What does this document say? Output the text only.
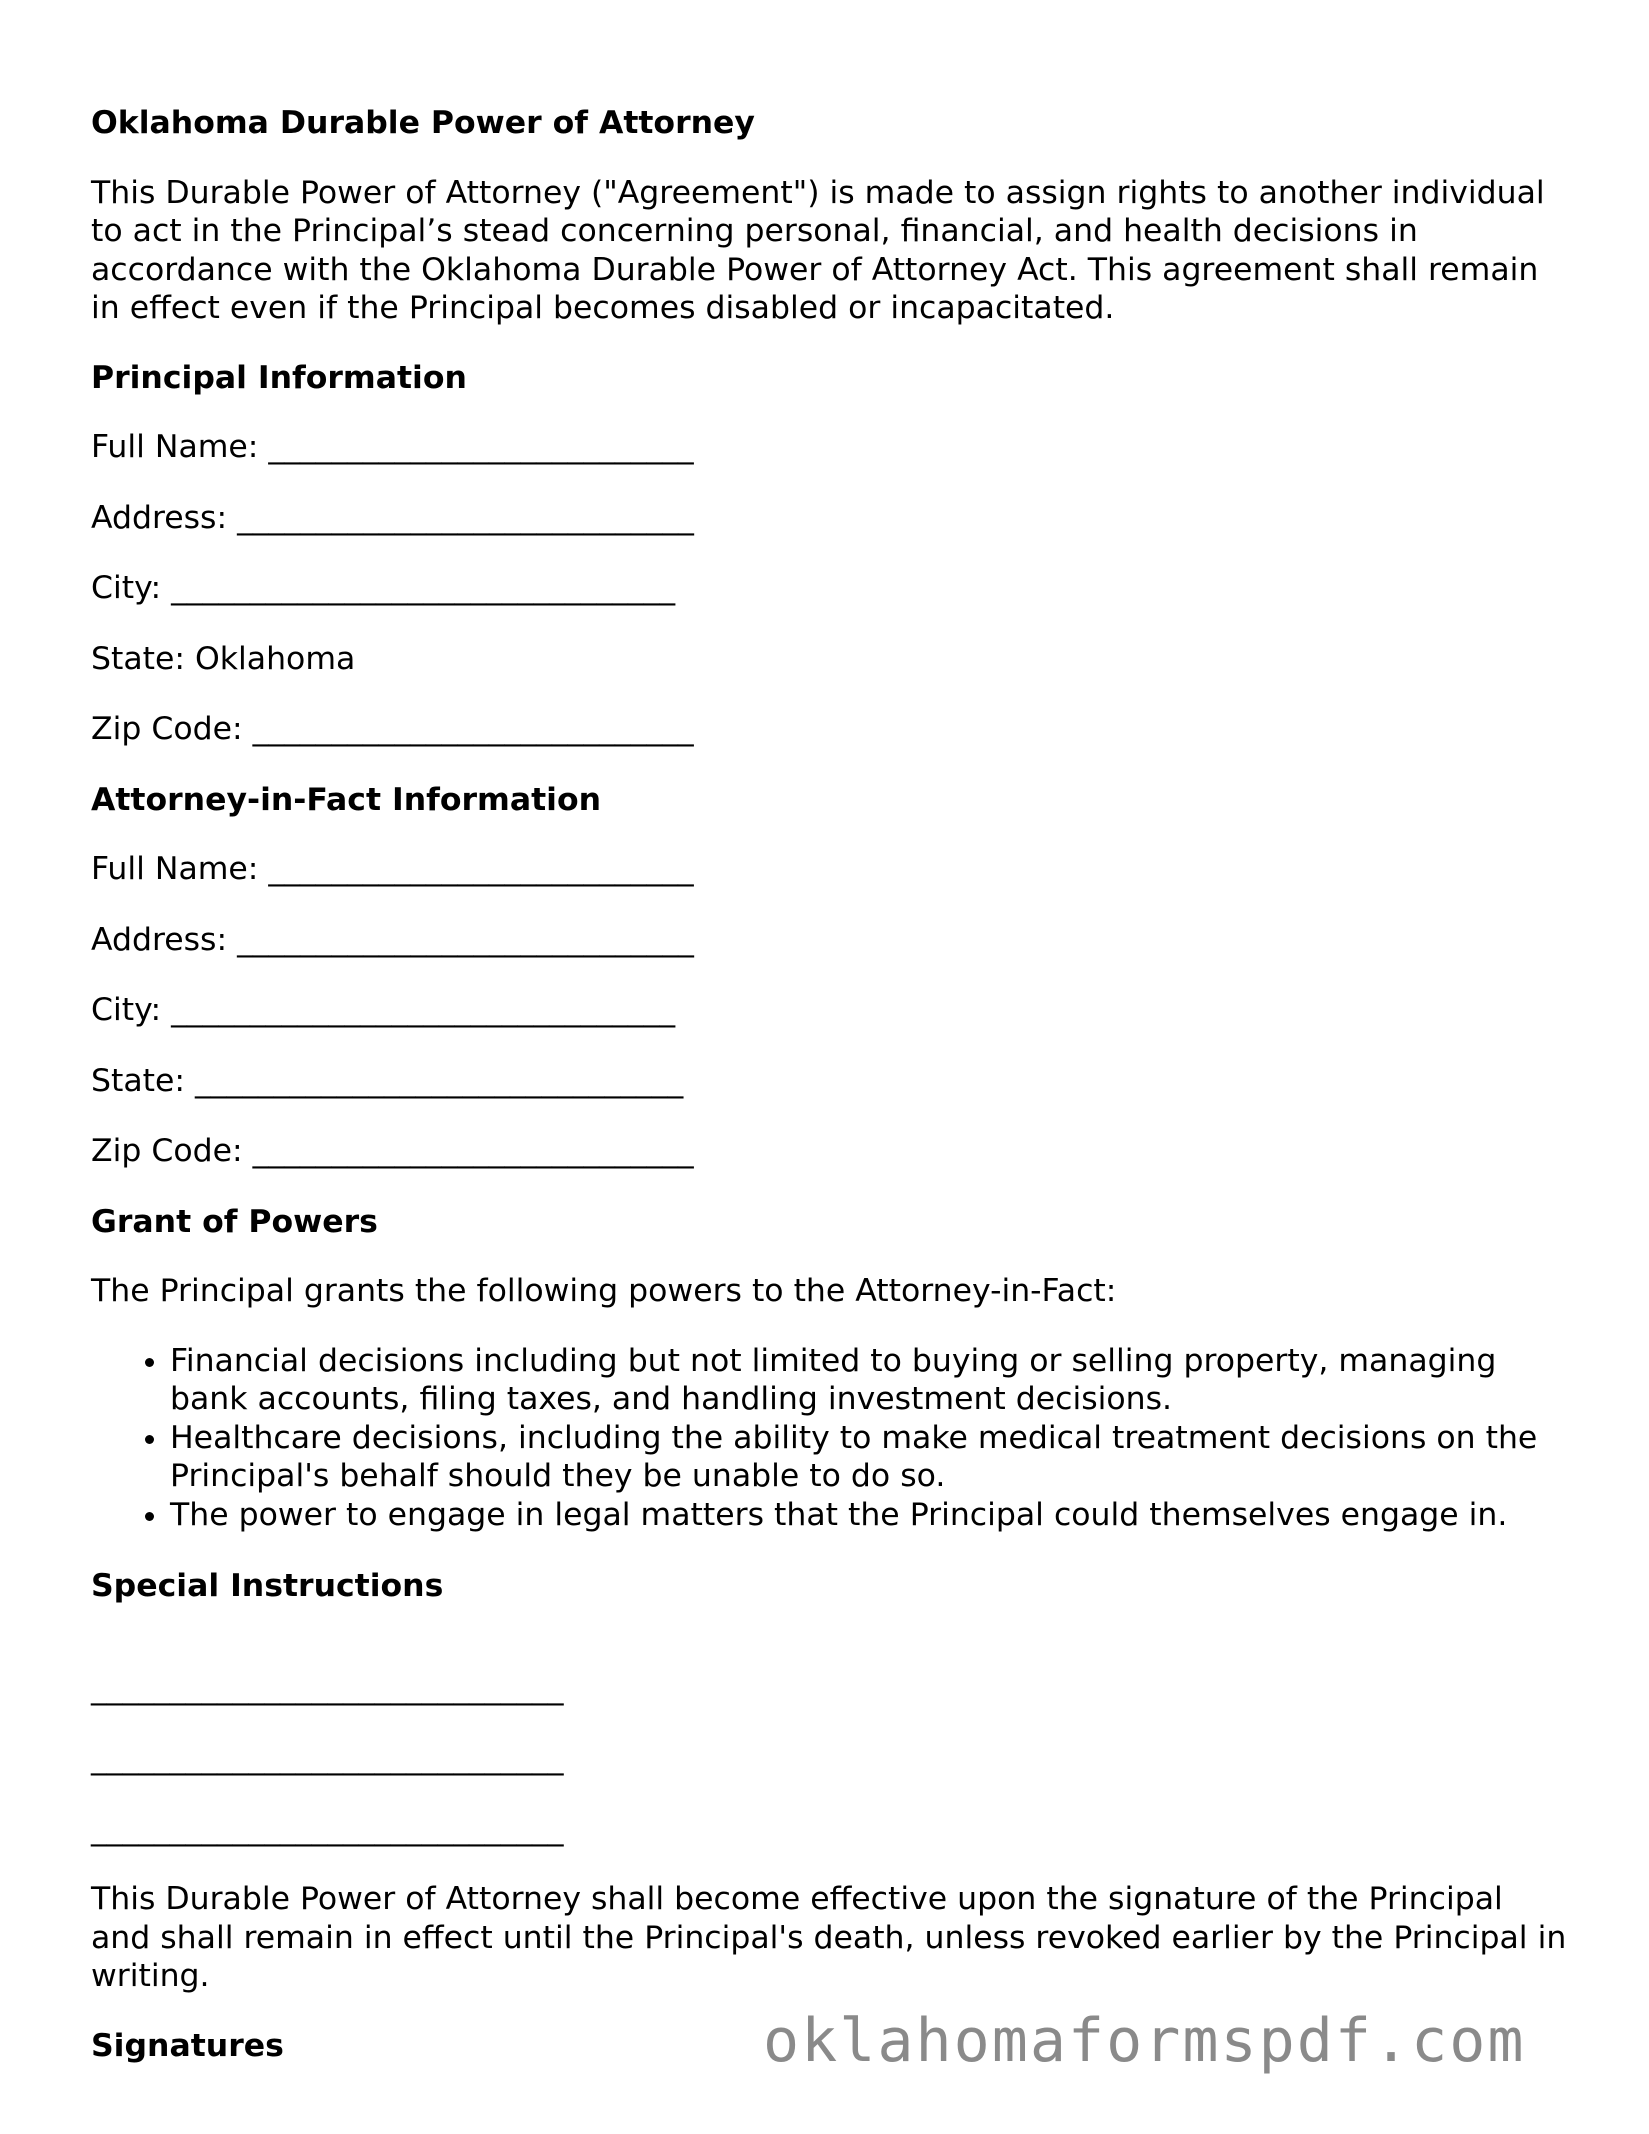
Oklahoma Durable Power of Attorney

This Durable Power of Attorney ("Agreement") is made to assign rights to another individual to act in the Principal’s stead concerning personal, financial, and health decisions in accordance with the Oklahoma Durable Power of Attorney Act. This agreement shall remain in effect even if the Principal becomes disabled or incapacitated.

Principal Information
Full Name: ___________________________
Address: _____________________________
City: ________________________________
State: Oklahoma
Zip Code: ____________________________
Attorney-in-Fact Information
Full Name: ___________________________
Address: _____________________________
City: ________________________________
State: _______________________________
Zip Code: ____________________________
Grant of Powers

The Principal grants the following powers to the Attorney-in-Fact:

• Financial decisions including but not limited to buying or selling property, managing bank accounts, filing taxes, and handling investment decisions.
• Healthcare decisions, including the ability to make medical treatment decisions on the Principal's behalf should they be unable to do so.
• The power to engage in legal matters that the Principal could themselves engage in.
Special Instructions
______________________________
______________________________
______________________________

This Durable Power of Attorney shall become effective upon the signature of the Principal and shall remain in effect until the Principal's death, unless revoked earlier by the Principal in writing.

Signatures	oklahomaformspdf.com
